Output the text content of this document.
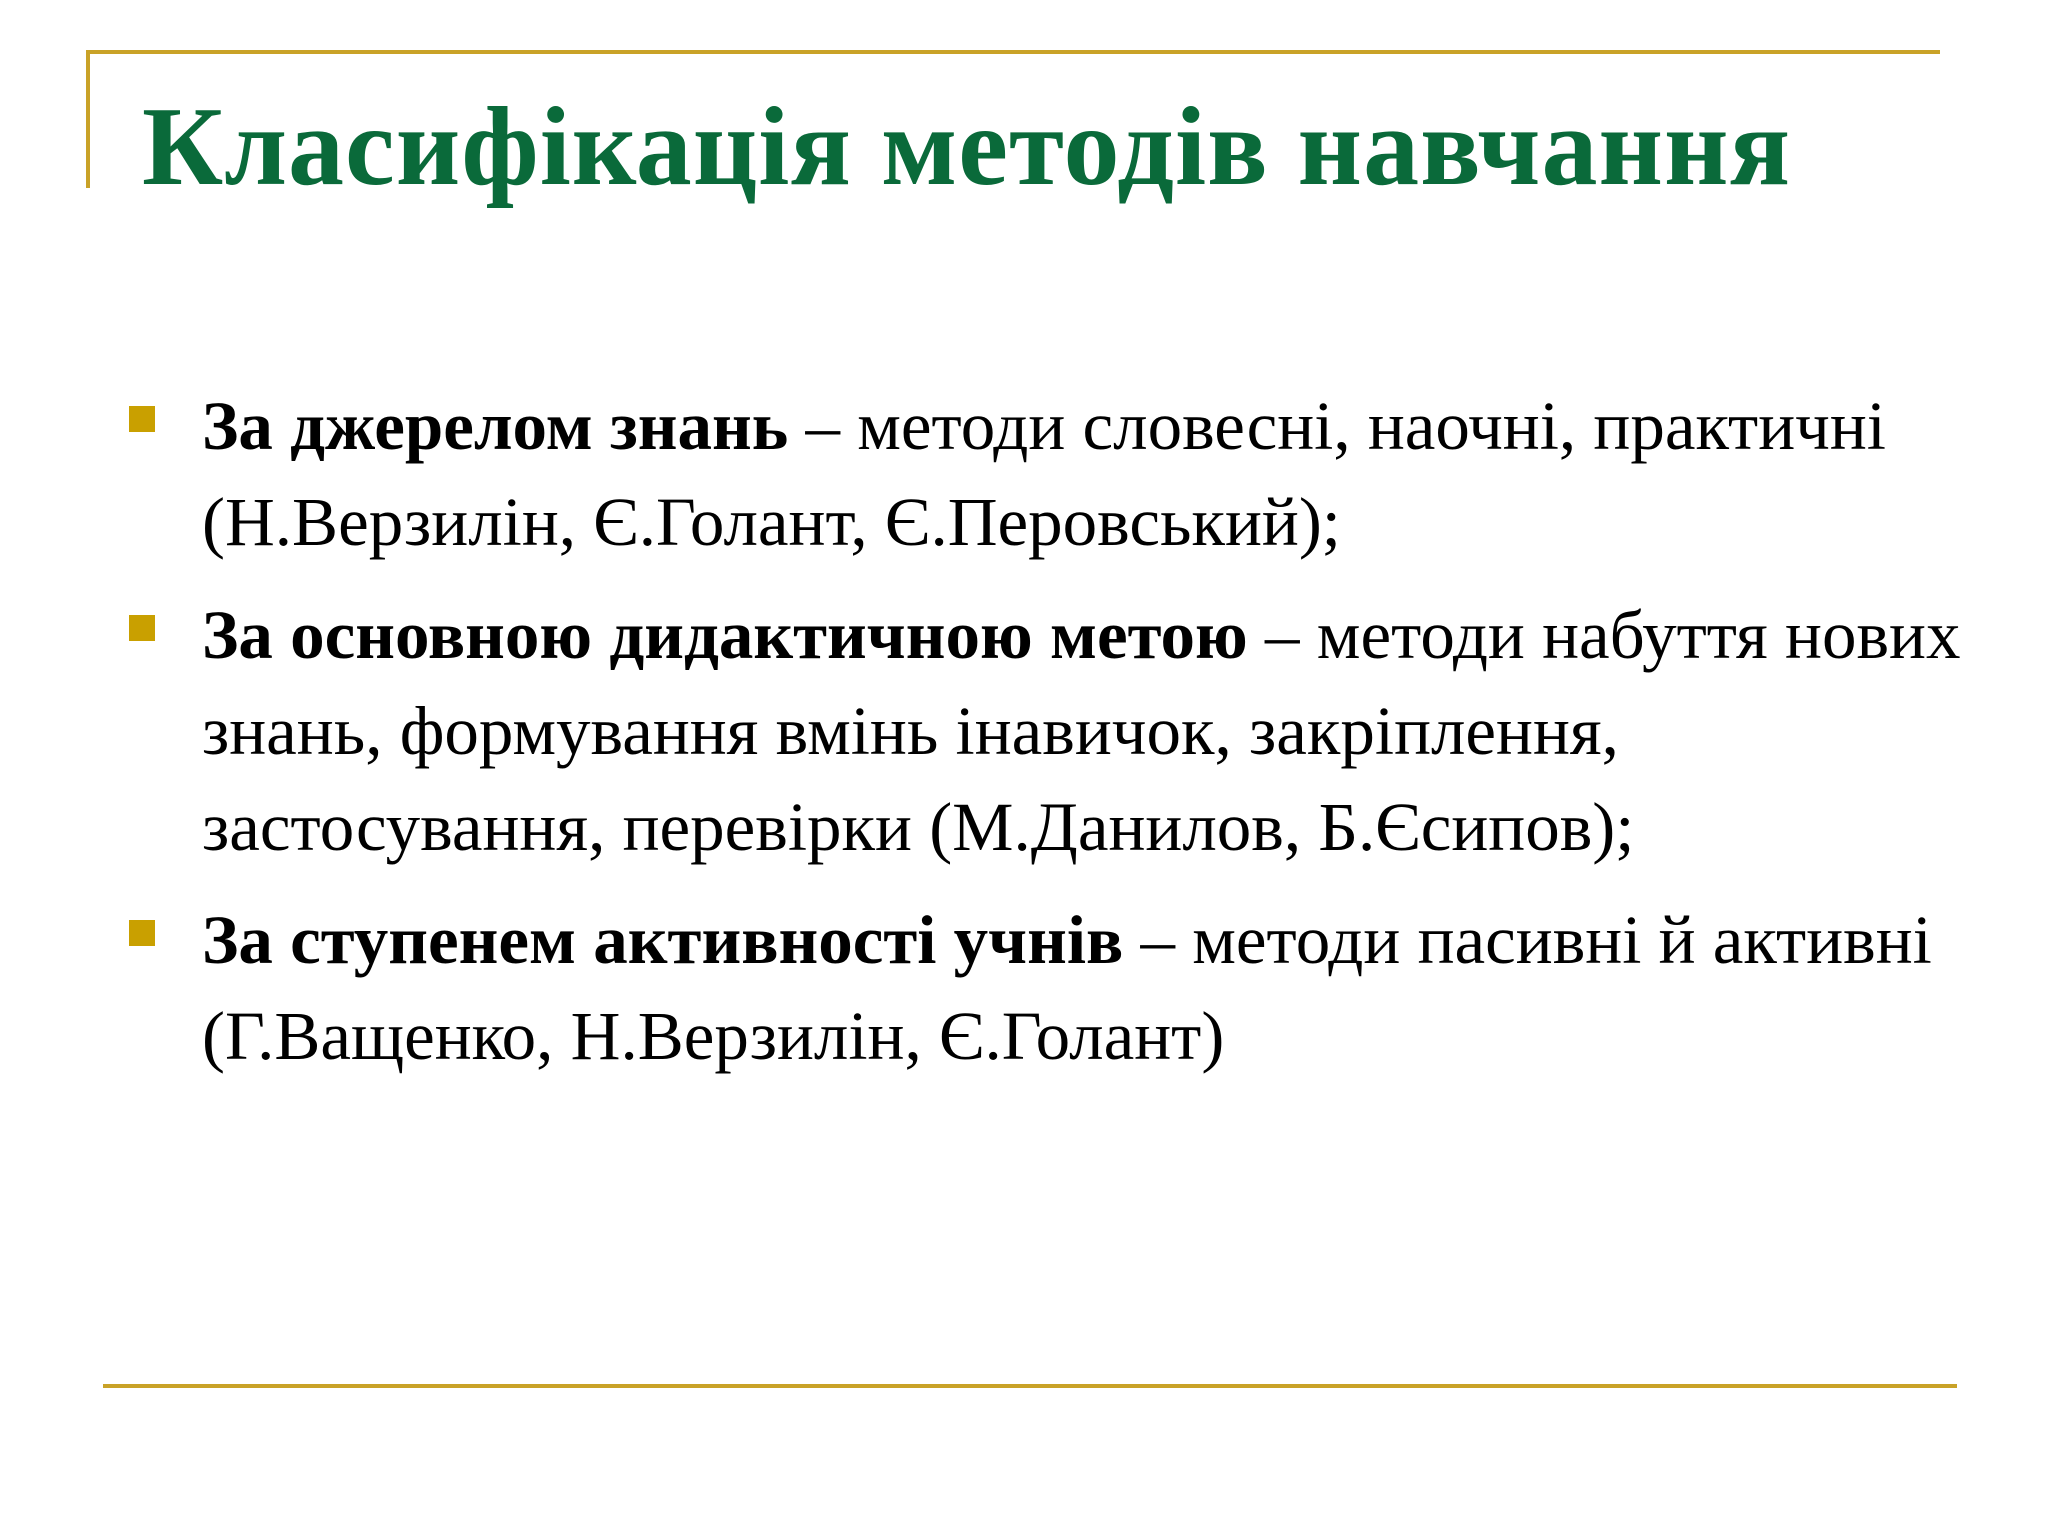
Класифікація методів навчання
За джерелом знань – методи словесні, наочні, практичні (Н.Верзилін, Є.Голант, Є.Перовський);
За основною дидактичною метою – методи набуття нових знань, формування вмінь інавичок, закріплення, застосування, перевірки (М.Данилов, Б.Єсипов);
За ступенем активності учнів – методи пасивні й активні (Г.Ващенко, Н.Верзилін, Є.Голант)
